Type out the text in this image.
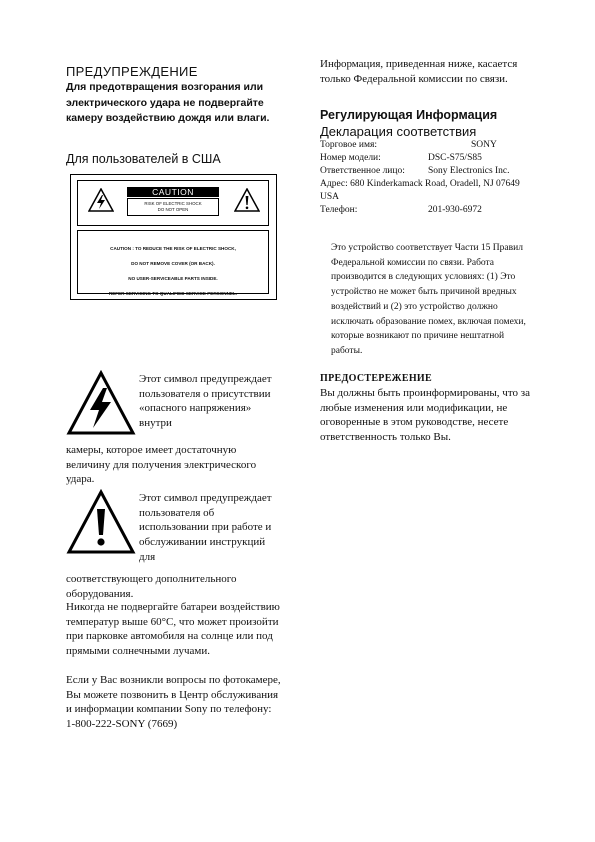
ПРЕДУПРЕЖДЕНИЕ
Для предотвращения возгорания или электрического удара не подвергайте камеру воздействию дождя или влаги.
Для пользователей в США
CAUTION
RISK OF ELECTRIC SHOCK
DO NOT OPEN
CAUTION : TO REDUCE THE RISK OF ELECTRIC SHOCK,
DO NOT REMOVE COVER (OR BACK).
NO USER-SERVICEABLE PARTS INSIDE.
REFER SERVICING TO QUALIFIED SERVICE PERSONNEL.
Этот символ предупреждает пользователя о присутствии «опасного напряжения» внутри
камеры, которое имеет достаточную величину для получения электрического удара.
Этот символ предупреждает пользователя об использовании при работе и обслуживании инструкций для
соответствующего дополнительного оборудования.
Никогда не подвергайте батареи воздействию температур выше 60°C, что может произойти при парковке автомобиля на солнце или под прямыми солнечными лучами.
Если у Вас возникли вопросы по фотокамере, Вы можете позвонить в Центр обслуживания и информации компании Sony по телефону: 1-800-222-SONY (7669)
Информация, приведенная ниже, касается только Федеральной комиссии по связи.
Регулирующая Информация
Декларация соответствия
Торговое имя:	SONY
Номер модели:	DSC-S75/S85
Ответственное лицо: Sony Electronics Inc.
Адрес: 680 Kinderkamack Road, Oradell, NJ 07649 USA
Телефон:	201-930-6972
Это устройство соответствует Части 15 Правил Федеральной комиссии по связи. Работа производится в следующих условиях: (1) Это устройство не может быть причиной вредных воздействий и (2) это устройство должно исключать образование помех, включая помехи, которые возникают по причине нештатной работы.
ПРЕДОСТЕРЕЖЕНИЕ
Вы должны быть проинформированы, что за любые изменения или модификации, не оговоренные в этом руководстве, несете ответственность только Вы.
